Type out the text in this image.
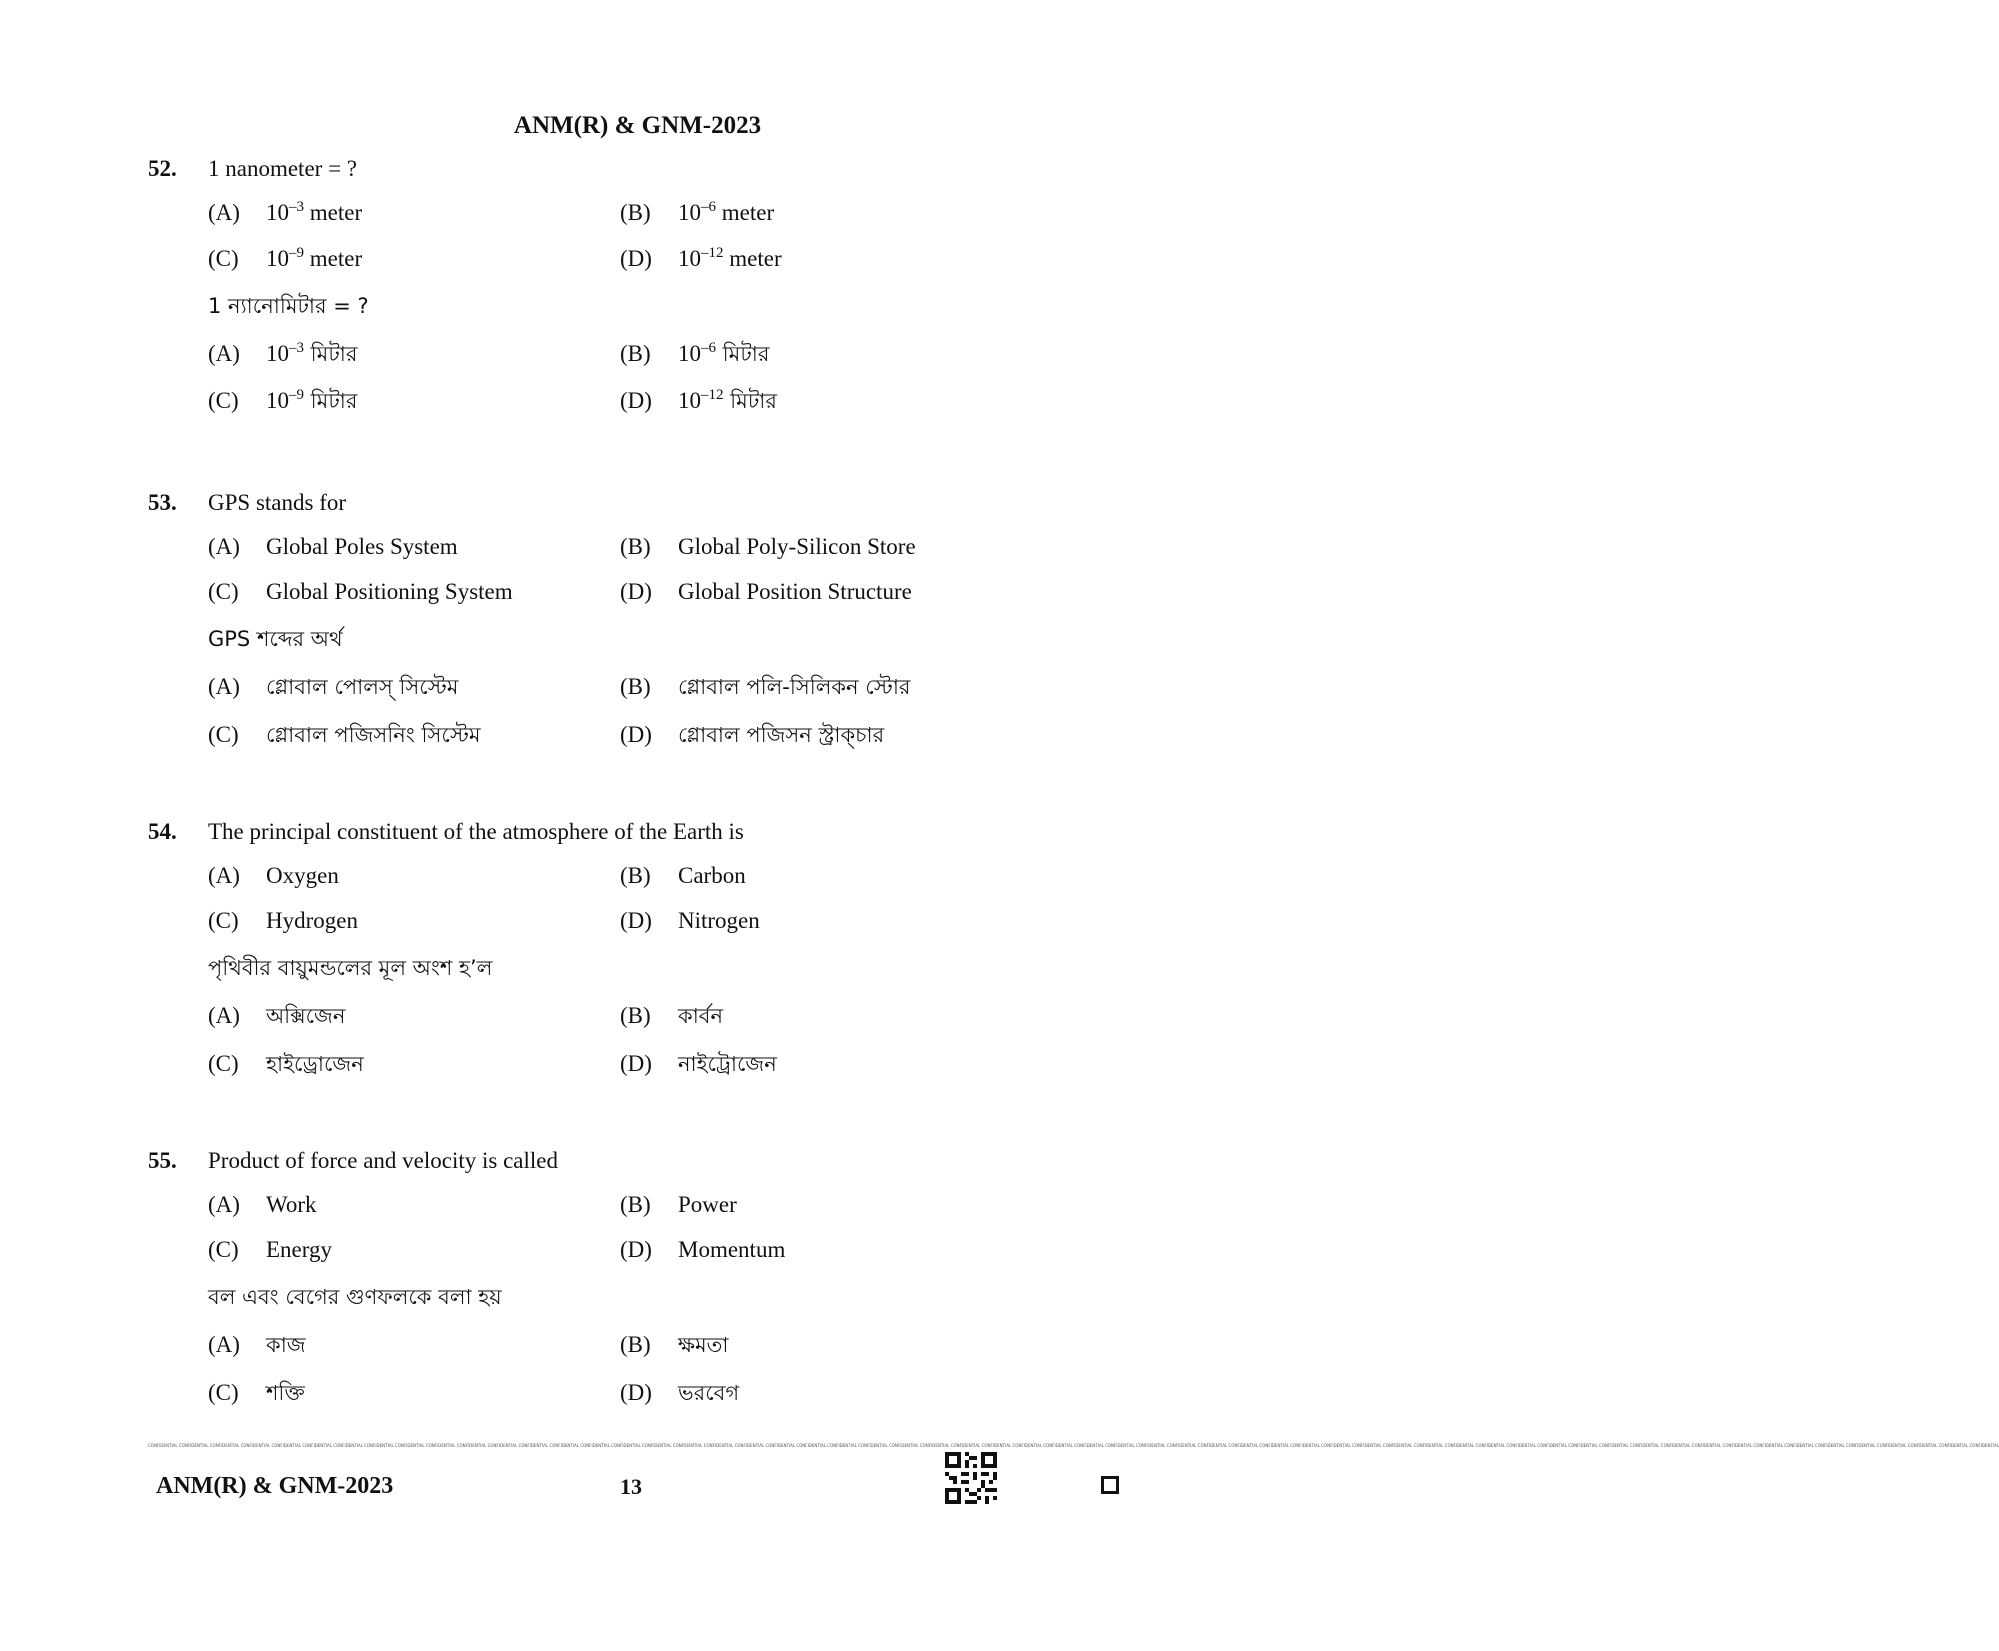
ANM(R) & GNM-2023
52. 1 nanometer = ?
(A) $10^{-3}$ meter	(B) $10^{-6}$ meter
(C) $10^{-9}$ meter	(D) $10^{-12}$ meter
1 ন্যানোমিটার = ?
(A) $10^{-3}$ মিটার	(B) $10^{-6}$ মিটার
(C) $10^{-9}$ মিটার	(D) $10^{-12}$ মিটার
53. GPS stands for
(A) Global Poles System	(B) Global Poly-Silicon Store
(C) Global Positioning System	(D) Global Position Structure
GPS শব্দের অর্থ
(A) গ্লোবাল পোলস্ সিস্টেম	(B) গ্লোবাল পলি-সিলিকন স্টোর
(C) গ্লোবাল পজিসনিং সিস্টেম	(D) গ্লোবাল পজিসন স্ট্রাক্‌চার
54. The principal constituent of the atmosphere of the Earth is
(A) Oxygen	(B) Carbon
(C) Hydrogen	(D) Nitrogen
পৃথিবীর বায়ুমন্ডলের মূল অংশ হ’ল
(A) অক্সিজেন	(B) কার্বন
(C) হাইড্রোজেন	(D) নাইট্রোজেন
55. Product of force and velocity is called
(A) Work	(B) Power
(C) Energy	(D) Momentum
বল এবং বেগের গুণফলকে বলা হয়
(A) কাজ	(B) ক্ষমতা
(C) শক্তি	(D) ভরবেগ
CONFIDENTIAL CONFIDENTIAL CONFIDENTIAL CONFIDENTIAL CONFIDENTIAL CONFIDENTIAL CONFIDENTIAL CONFIDENTIAL CONFIDENTIAL CONFIDENTIAL CONFIDENTIAL CONFIDENTIAL CONFIDENTIAL CONFIDENTIAL CONFIDENTIAL CONFIDENTIAL CONFIDENTIAL CONFIDENTIAL CONFIDENTIAL CONFIDENTIAL CONFIDENTIAL CONFIDENTIAL CONFIDENTIAL CONFIDENTIAL CONFIDENTIAL CONFIDENTIAL CONFIDENTIAL CONFIDENTIAL CONFIDENTIAL CONFIDENTIAL CONFIDENTIAL CONFIDENTIAL CONFIDENTIAL CONFIDENTIAL CONFIDENTIAL CONFIDENTIAL CONFIDENTIAL CONFIDENTIAL CONFIDENTIAL CONFIDENTIAL CONFIDENTIAL CONFIDENTIAL CONFIDENTIAL CONFIDENTIAL CONFIDENTIAL CONFIDENTIAL CONFIDENTIAL CONFIDENTIAL CONFIDENTIAL CONFIDENTIAL CONFIDENTIAL CONFIDENTIAL CONFIDENTIAL CONFIDENTIAL CONFIDENTIAL CONFIDENTIAL CONFIDENTIAL CONFIDENTIAL CONFIDENTIAL CONFIDENTIAL
ANM(R) & GNM-2023	13
